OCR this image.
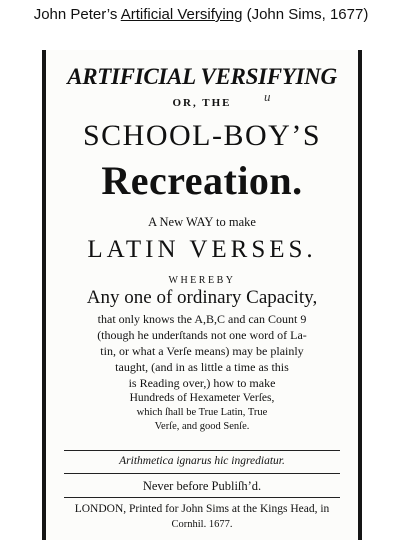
John Peter’s Artificial Versifying (John Sims, 1677)
ARTIFICIAL VERSIFYING
u
OR, THE
SCHOOL-BOY’S
Recreation.
A New WAY to make
LATIN VERSES.
WHEREBY
Any one of ordinary Capacity,
that only knows the A,B,C and can Count 9
(though he underſtands not one word of La-
tin, or what a Verſe means) may be plainly
taught, (and in as little a time as this
is Reading over,) how to make
Hundreds of Hexameter Verſes,
which ſhall be True Latin, True
Verſe, and good Senſe.
Arithmetica ignarus hic ingrediatur.
Never before Publiſh’d.
LONDON, Printed for John Sims at the Kings Head, in
Cornhil. 1677.
